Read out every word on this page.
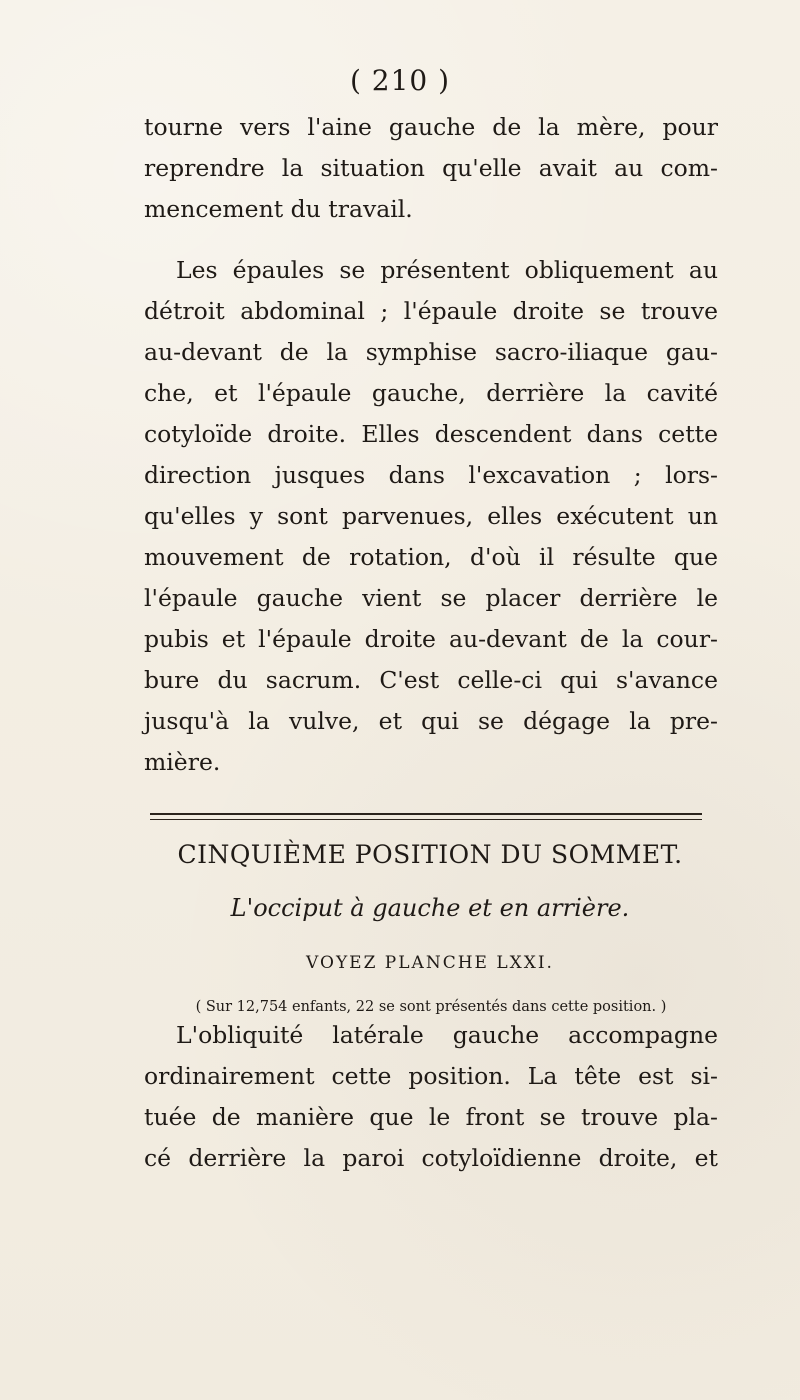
( 210 )
tourne vers l'aine gauche de la mère, pour
reprendre la situation qu'elle avait au com-
mencement du travail.
Les épaules se présentent obliquement au
détroit abdominal ; l'épaule droite se trouve
au-devant de la symphise sacro-iliaque gau-
che, et l'épaule gauche, derrière la cavité
cotyloïde droite. Elles descendent dans cette
direction jusques dans l'excavation ; lors-
qu'elles y sont parvenues, elles exécutent un
mouvement de rotation, d'où il résulte que
l'épaule gauche vient se placer derrière le
pubis et l'épaule droite au-devant de la cour-
bure du sacrum. C'est celle-ci qui s'avance
jusqu'à la vulve, et qui se dégage la pre-
mière.
CINQUIÈME POSITION DU SOMMET.
L'occiput à gauche et en arrière.
VOYEZ PLANCHE LXXI.
( Sur 12,754 enfants, 22 se sont présentés dans cette position. )
L'obliquité latérale gauche accompagne
ordinairement cette position. La tête est si-
tuée de manière que le front se trouve pla-
cé derrière la paroi cotyloïdienne droite, et
